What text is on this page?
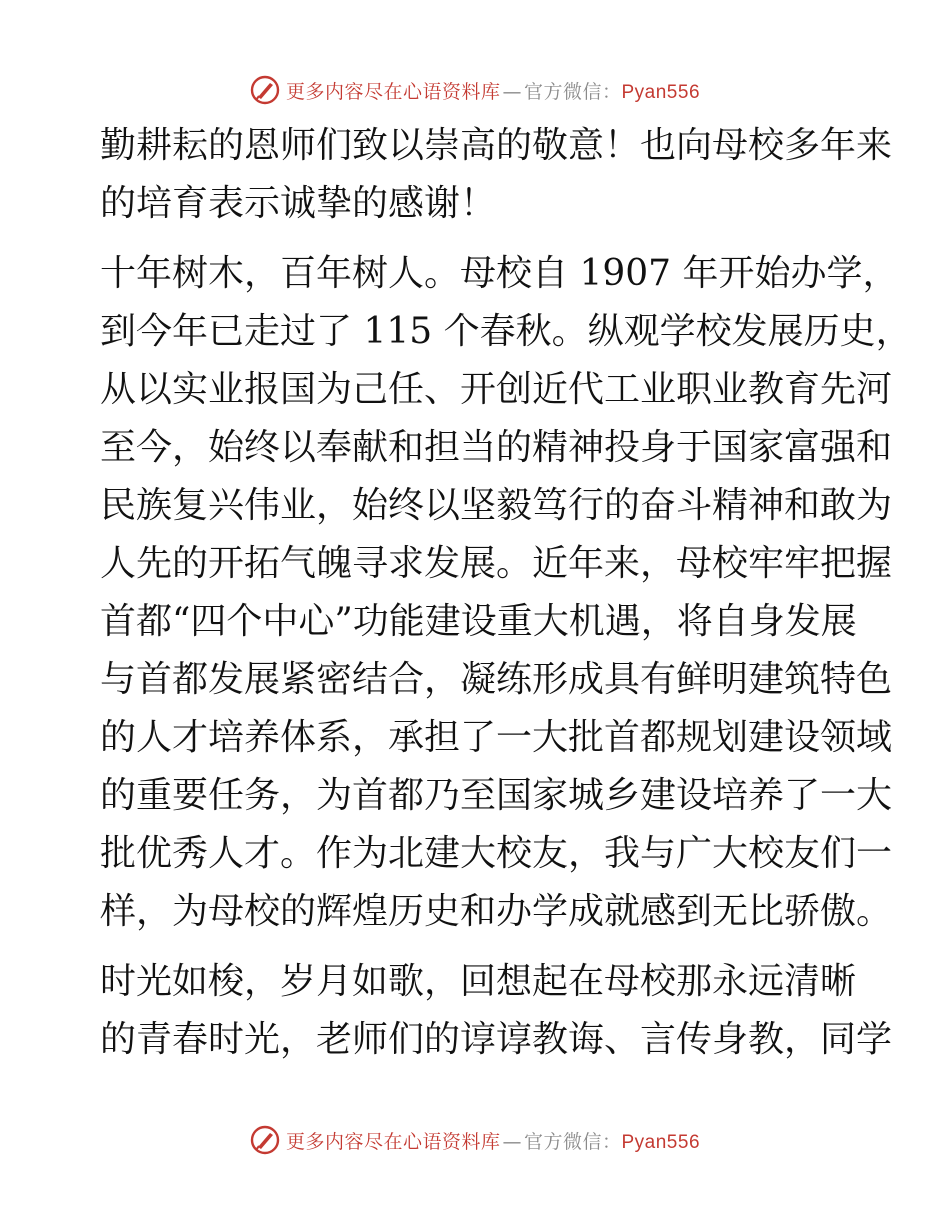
更多内容尽在心语资料库 — 官方微信：Pyan556
勤耕耘的恩师们致以崇高的敬意！也向母校多年来
的培育表示诚挚的感谢！
十年树木，百年树人。母校自 1907 年开始办学，
到今年已走过了 115 个春秋。纵观学校发展历史，
从以实业报国为己任、开创近代工业职业教育先河
至今，始终以奉献和担当的精神投身于国家富强和
民族复兴伟业，始终以坚毅笃行的奋斗精神和敢为
人先的开拓气魄寻求发展。近年来，母校牢牢把握
首都“四个中心”功能建设重大机遇，将自身发展
与首都发展紧密结合，凝练形成具有鲜明建筑特色
的人才培养体系，承担了一大批首都规划建设领域
的重要任务，为首都乃至国家城乡建设培养了一大
批优秀人才。作为北建大校友，我与广大校友们一
样，为母校的辉煌历史和办学成就感到无比骄傲。
时光如梭，岁月如歌，回想起在母校那永远清晰
的青春时光，老师们的谆谆教诲、言传身教，同学
更多内容尽在心语资料库 — 官方微信：Pyan556
